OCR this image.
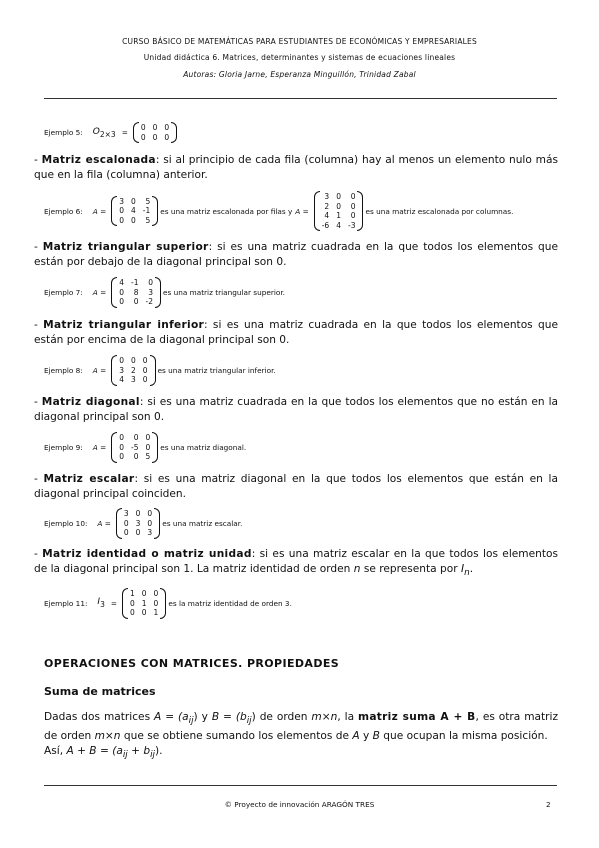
CURSO BÁSICO DE MATEMÁTICAS PARA ESTUDIANTES DE ECONÓMICAS Y EMPRESARIALES
Unidad didáctica 6. Matrices, determinantes y sistemas de ecuaciones lineales
Autoras: Gloria Jarne, Esperanza Minguillón, Trinidad Zabal
Ejemplo 5: $O_{2\times 3}$ =
0 0 0
0 0 0
- Matriz escalonada: si al principio de cada fila (columna) hay al menos un elemento nulo más que en la fila (columna) anterior.
Ejemplo 6: A =
3 0	5
0 4 -1
0 0	5
es una matriz escalonada por filas y A =
3 0	0
2 0	0
4 1	0
-6 4 -3
es una matriz escalonada por columnas.
- Matriz triangular superior: si es una matriz cuadrada en la que todos los elementos que están por debajo de la diagonal principal son 0.
Ejemplo 7: A =
4 -1	0
0	8	3
0	0 -2
es una matriz triangular superior.
- Matriz triangular inferior: si es una matriz cuadrada en la que todos los elementos que están por encima de la diagonal principal son 0.
Ejemplo 8: A =
0 0 0
3 2 0
4 3 0
es una matriz triangular inferior.
- Matriz diagonal: si es una matriz cuadrada en la que todos los elementos que no están en la diagonal principal son 0.
Ejemplo 9: A =
0	0 0
0 -5 0
0	0 5
es una matriz diagonal.
- Matriz escalar: si es una matriz diagonal en la que todos los elementos que están en la diagonal principal coinciden.
Ejemplo 10: A =
3 0 0
0 3 0
0 0 3
es una matriz escalar.
- Matriz identidad o matriz unidad: si es una matriz escalar en la que todos los elementos de la diagonal principal son 1. La matriz identidad de orden n se representa por $I_n$.
Ejemplo 11: $I_3$ =
1 0 0
0 1 0
0 0 1
es la matriz identidad de orden 3.
OPERACIONES CON MATRICES. PROPIEDADES
Suma de matrices
Dadas dos matrices $A = (a_{ij})$ y $B = (b_{ij})$ de orden m×n, la matriz suma A + B, es otra matriz de orden m×n que se obtiene sumando los elementos de A y B que ocupan la misma posición.
Así, $A + B = (a_{ij} + b_{ij})$.
© Proyecto de innovación ARAGÓN TRES	2
